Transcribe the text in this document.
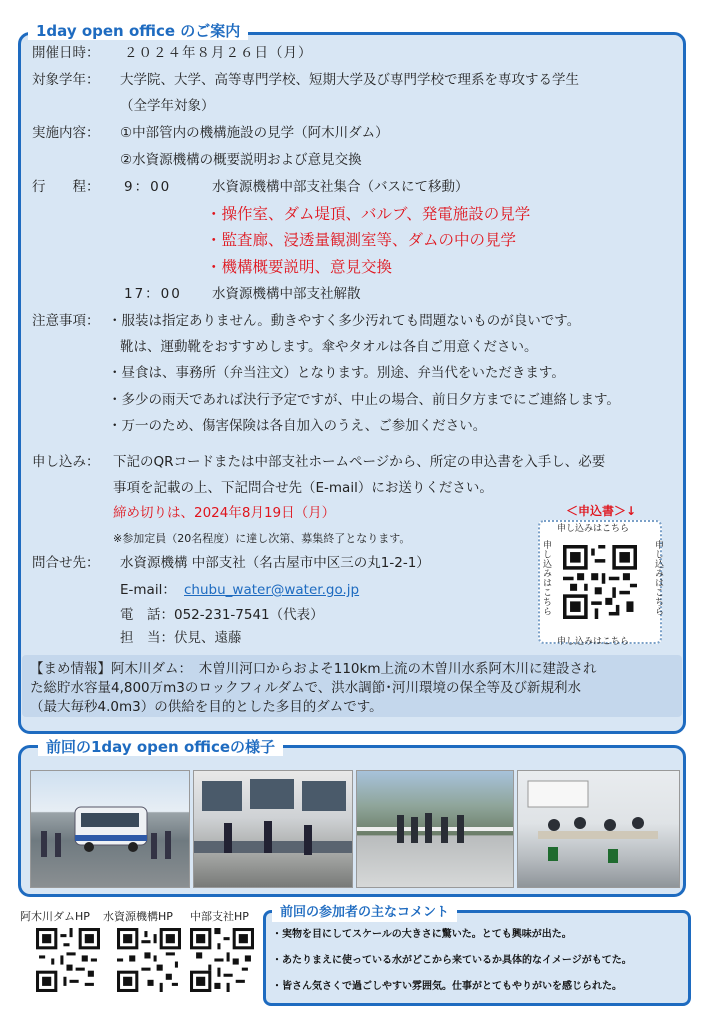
1day open office のご案内
開催日時： ２０２４年８月２６日（月）
対象学年： 大学院、大学、高等専門学校、短期大学及び専門学校で理系を専攻する学生
（全学年対象）
実施内容： ①中部管内の機構施設の見学（阿木川ダム）
②水資源機構の概要説明および意見交換
行　　程： 9：00	水資源機構中部支社集合（バスにて移動）
・操作室、ダム堤頂、バルブ、発電施設の見学
・監査廊、浸透量観測室等、ダムの中の見学
・機構概要説明、意見交換
17：00 水資源機構中部支社解散
注意事項： ・服装は指定ありません。動きやすく多少汚れても問題ないものが良いです。
靴は、運動靴をおすすめします。傘やタオルは各自ご用意ください。
・昼食は、事務所（弁当注文）となります。別途、弁当代をいただきます。
・多少の雨天であれば決行予定ですが、中止の場合、前日夕方までにご連絡します。
・万一のため、傷害保険は各自加入のうえ、ご参加ください。
申し込み： 下記のQRコードまたは中部支社ホームページから、所定の申込書を入手し、必要
事項を記載の上、下記問合せ先（E-mail）にお送りください。
締め切りは、2024年8月19日（月）
※参加定員（20名程度）に達し次第、募集終了となります。
問合せ先： 水資源機構 中部支社（名古屋市中区三の丸1-2-1）
E-mail： chubu_water@water.go.jp
電　話：052-231-7541（代表）
担　当：伏見、遠藤
＜申込書＞↓
申し込みはこちら
申し込みはこちら
申し込みはこちら	申し込みはこちら
【まめ情報】阿木川ダム：　木曽川河口からおよそ110km上流の木曽川水系阿木川に建設され
た総貯水容量4,800万m3のロックフィルダムで、洪水調節･河川環境の保全等及び新規利水
（最大毎秒4.0m3）の供給を目的とした多目的ダムです。
前回の1day open officeの様子
阿木川ダムHP 水資源機構HP 中部支社HP	前回の参加者の主なコメント
・実物を目にしてスケールの大きさに驚いた。とても興味が出た。
・あたりまえに使っている水がどこから来ているか具体的なイメージがもてた。
・皆さん気さくで過ごしやすい雰囲気。仕事がとてもやりがいを感じられた。
